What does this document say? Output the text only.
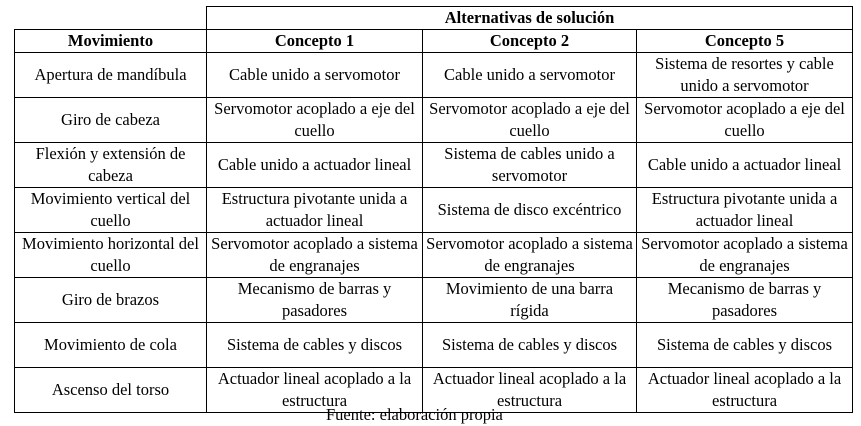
	Alternativas de solución		
Movimiento	Concepto 1	Concepto 2	Concepto 5
Apertura de mandíbula	Cable unido a servomotor	Cable unido a servomotor	Sistema de resortes y cable unido a servomotor
Giro de cabeza	Servomotor acoplado a eje del cuello	Servomotor acoplado a eje del cuello	Servomotor acoplado a eje del cuello
Flexión y extensión de cabeza	Cable unido a actuador lineal	Sistema de cables unido a servomotor	Cable unido a actuador lineal
Movimiento vertical del cuello	Estructura pivotante unida a actuador lineal	Sistema de disco excéntrico	Estructura pivotante unida a actuador lineal
Movimiento horizontal del cuello	Servomotor acoplado a sistema de engranajes	Servomotor acoplado a sistema de engranajes	Servomotor acoplado a sistema de engranajes
Giro de brazos	Mecanismo de barras y pasadores	Movimiento de una barra rígida	Mecanismo de barras y pasadores
Movimiento de cola	Sistema de cables y discos	Sistema de cables y discos	Sistema de cables y discos
Ascenso del torso	Actuador lineal acoplado a la estructura	Actuador lineal acoplado a la estructura	Actuador lineal acoplado a la estructura
Fuente: elaboración propia
